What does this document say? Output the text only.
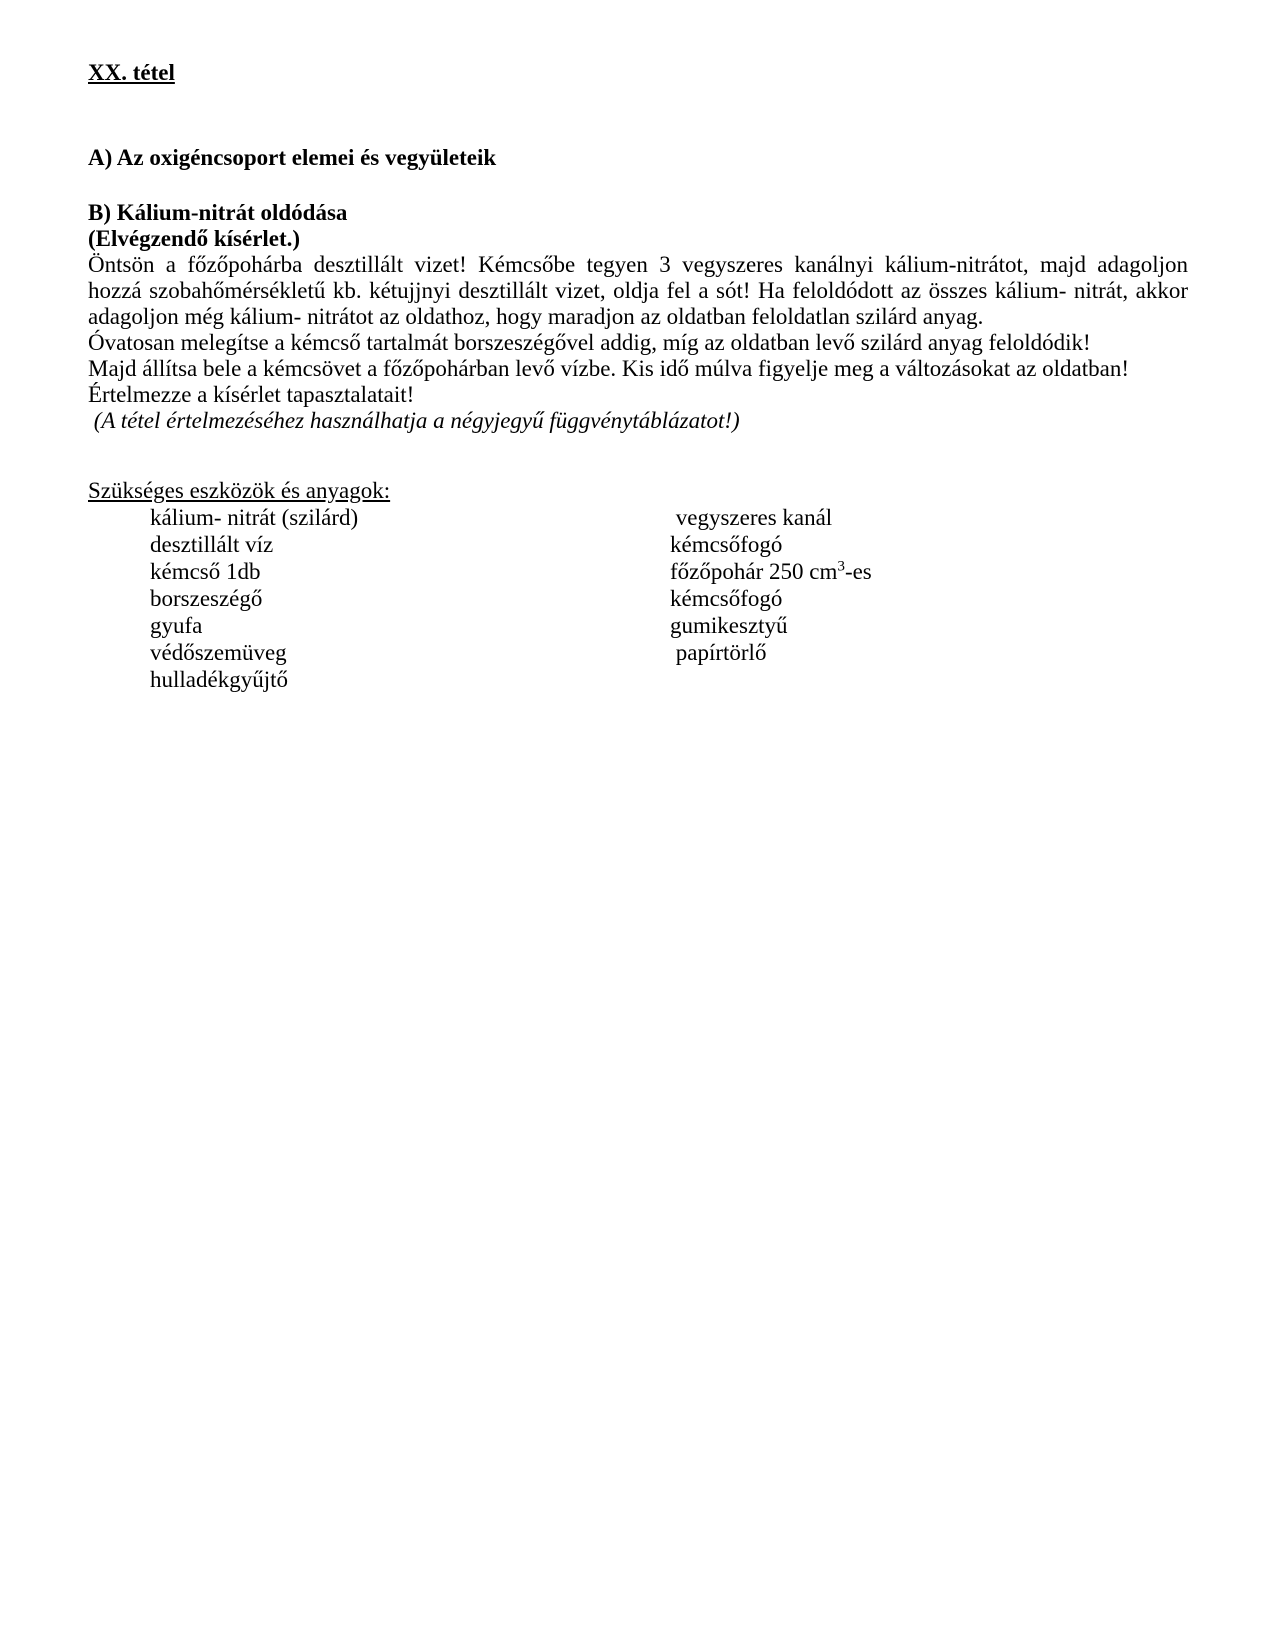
XX. tétel
A) Az oxigéncsoport elemei és vegyületeik
B) Kálium-nitrát oldódása
(Elvégzendő kísérlet.)
Öntsön a főzőpohárba desztillált vizet! Kémcsőbe tegyen 3 vegyszeres kanálnyi kálium-nitrátot, majd adagoljon
hozzá szobahőmérsékletű kb. kétujjnyi desztillált vizet, oldja fel a sót! Ha feloldódott az összes kálium- nitrát, akkor
adagoljon még kálium- nitrátot az oldathoz, hogy maradjon az oldatban feloldatlan szilárd anyag.
Óvatosan melegítse a kémcső tartalmát borszeszégővel addig, míg az oldatban levő szilárd anyag feloldódik!
Majd állítsa bele a kémcsövet a főzőpohárban levő vízbe. Kis idő múlva figyelje meg a változásokat az oldatban!
Értelmezze a kísérlet tapasztalatait!
(A tétel értelmezéséhez használhatja a négyjegyű függvénytáblázatot!)
Szükséges eszközök és anyagok:
kálium- nitrát (szilárd)	vegyszeres kanál
desztillált víz	kémcsőfogó
kémcső 1db	főzőpohár 250 $cm^3-es$
borszeszégő	kémcsőfogó
gyufa	gumikesztyű
védőszemüveg	papírtörlő
hulladékgyűjtő
